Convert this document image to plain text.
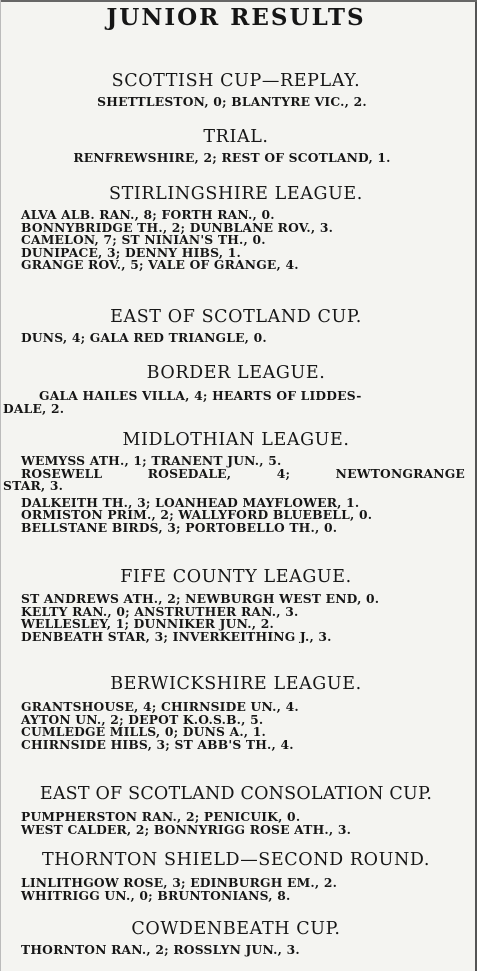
JUNIOR RESULTS
SCOTTISH CUP—REPLAY.
SHETTLESTON, 0; BLANTYRE VIC., 2.
TRIAL.
RENFREWSHIRE, 2; REST OF SCOTLAND, 1.
STIRLINGSHIRE LEAGUE.
ALVA ALB. RAN., 8; FORTH RAN., 0.
BONNYBRIDGE TH., 2; DUNBLANE ROV., 3.
CAMELON, 7; ST NINIAN'S TH., 0.
DUNIPACE, 3; DENNY HIBS, 1.
GRANGE ROV., 5; VALE OF GRANGE, 4.
EAST OF SCOTLAND CUP.
DUNS, 4; GALA RED TRIANGLE, 0.
BORDER LEAGUE.
GALA HAILES VILLA, 4; HEARTS OF LIDDES-
DALE, 2.
MIDLOTHIAN LEAGUE.
WEMYSS ATH., 1; TRANENT JUN., 5.
ROSEWELL ROSEDALE, 4; NEWTONGRANGE
STAR, 3.
DALKEITH TH., 3; LOANHEAD MAYFLOWER, 1.
ORMISTON PRIM., 2; WALLYFORD BLUEBELL, 0.
BELLSTANE BIRDS, 3; PORTOBELLO TH., 0.
FIFE COUNTY LEAGUE.
ST ANDREWS ATH., 2; NEWBURGH WEST END, 0.
KELTY RAN., 0; ANSTRUTHER RAN., 3.
WELLESLEY, 1; DUNNIKER JUN., 2.
DENBEATH STAR, 3; INVERKEITHING J., 3.
BERWICKSHIRE LEAGUE.
GRANTSHOUSE, 4; CHIRNSIDE UN., 4.
AYTON UN., 2; DEPOT K.O.S.B., 5.
CUMLEDGE MILLS, 0; DUNS A., 1.
CHIRNSIDE HIBS, 3; ST ABB'S TH., 4.
EAST OF SCOTLAND CONSOLATION CUP.
PUMPHERSTON RAN., 2; PENICUIK, 0.
WEST CALDER, 2; BONNYRIGG ROSE ATH., 3.
THORNTON SHIELD—SECOND ROUND.
LINLITHGOW ROSE, 3; EDINBURGH EM., 2.
WHITRIGG UN., 0; BRUNTONIANS, 8.
COWDENBEATH CUP.
THORNTON RAN., 2; ROSSLYN JUN., 3.
